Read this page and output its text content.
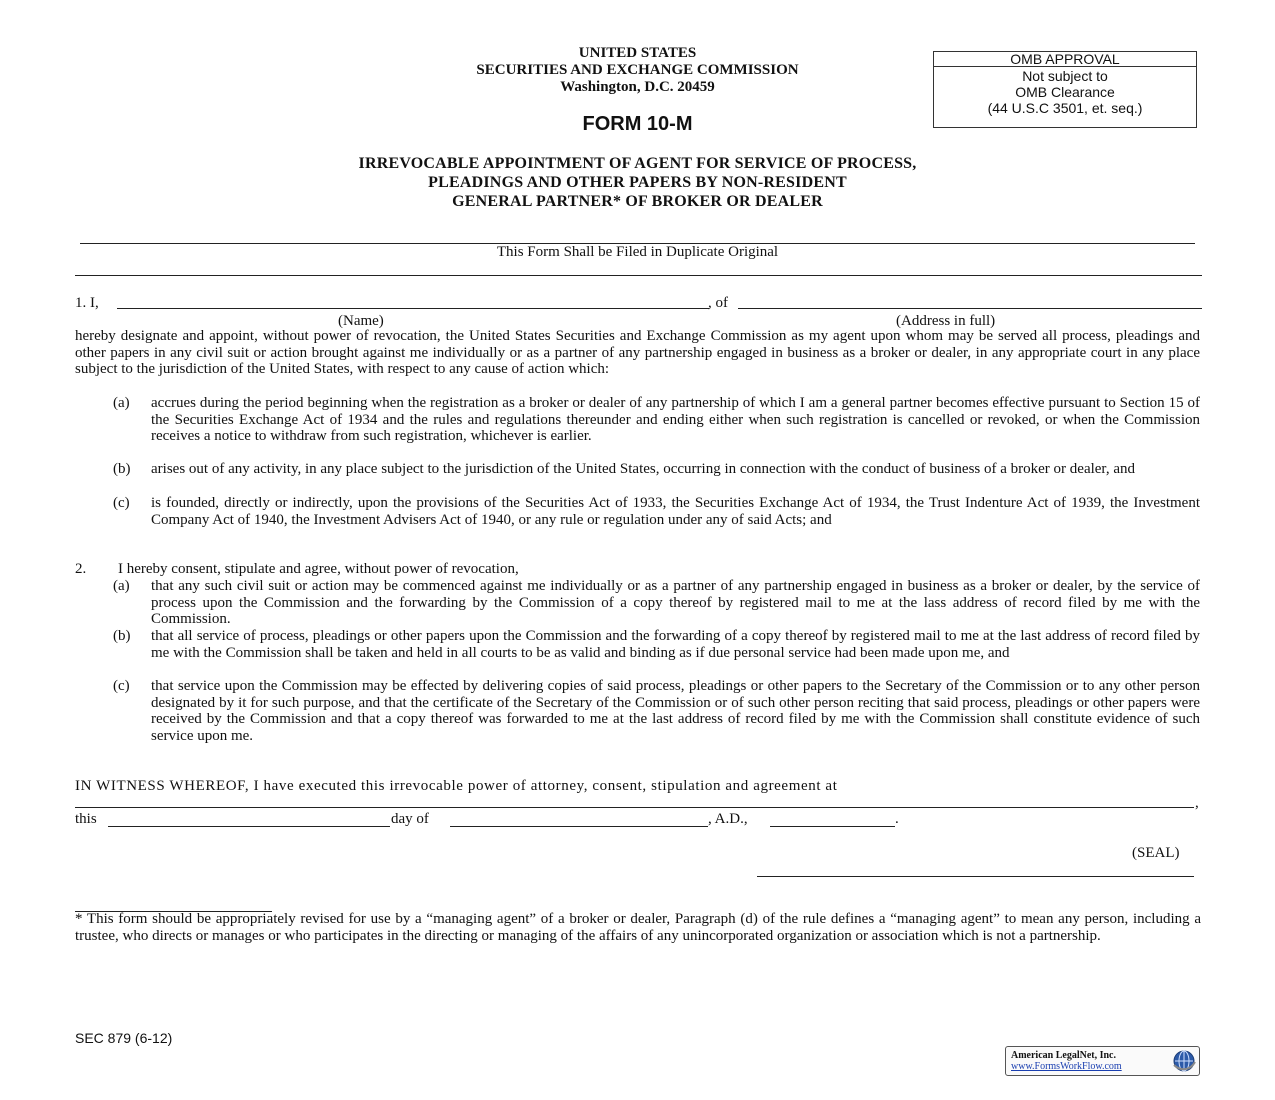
UNITED STATES
SECURITIES AND EXCHANGE COMMISSION
Washington, D.C. 20459
FORM 10-M
OMB APPROVAL
Not subject to
OMB Clearance
(44 U.S.C 3501, et. seq.)
IRREVOCABLE APPOINTMENT OF AGENT FOR SERVICE OF PROCESS,
PLEADINGS AND OTHER PAPERS BY NON-RESIDENT
GENERAL PARTNER* OF BROKER OR DEALER
This Form Shall be Filed in Duplicate Original
1. I,	, of
(Name)	(Address in full)
hereby designate and appoint, without power of revocation, the United States Securities and Exchange Commission as my agent upon whom may be served all process, pleadings and other papers in any civil suit or action brought against me individually or as a partner of any partnership engaged in business as a broker or dealer, in any appropriate court in any place subject to the jurisdiction of the United States, with respect to any cause of action which:
(a)	accrues during the period beginning when the registration as a broker or dealer of any partnership of which I am a general partner becomes effective pursuant to Section 15 of the Securities Exchange Act of 1934 and the rules and regulations thereunder and ending either when such registration is cancelled or revoked, or when the Commission receives a notice to withdraw from such registration, whichever is earlier.
(b)	arises out of any activity, in any place subject to the jurisdiction of the United States, occurring in connection with the conduct of business of a broker or dealer, and
(c)	is founded, directly or indirectly, upon the provisions of the Securities Act of 1933, the Securities Exchange Act of 1934, the Trust Indenture Act of 1939, the Investment Company Act of 1940, the Investment Advisers Act of 1940, or any rule or regulation under any of said Acts; and
2. I hereby consent, stipulate and agree, without power of revocation,
(a)	that any such civil suit or action may be commenced against me individually or as a partner of any partnership engaged in business as a broker or dealer, by the service of process upon the Commission and the forwarding by the Commission of a copy thereof by registered mail to me at the lass address of record filed by me with the Commission.
(b)	that all service of process, pleadings or other papers upon the Commission and the forwarding of a copy thereof by registered mail to me at the last address of record filed by me with the Commission shall be taken and held in all courts to be as valid and binding as if due personal service had been made upon me, and
(c)	that service upon the Commission may be effected by delivering copies of said process, pleadings or other papers to the Secretary of the Commission or to any other person designated by it for such purpose, and that the certificate of the Secretary of the Commission or of such other person reciting that said process, pleadings or other papers were received by the Commission and that a copy thereof was forwarded to me at the last address of record filed by me with the Commission shall constitute evidence of such service upon me.
IN WITNESS WHEREOF, I have executed this irrevocable power of attorney, consent, stipulation and agreement at
,
this	day of	, A.D.,	.
(SEAL)
* This form should be appropriately revised for use by a “managing agent” of a broker or dealer, Paragraph (d) of the rule defines a “managing agent” to mean any person, including a trustee, who directs or manages or who participates in the directing or managing of the affairs of any unincorporated organization or association which is not a partnership.
SEC 879 (6-12)
American LegalNet, Inc.
www.FormsWorkFlow.com
